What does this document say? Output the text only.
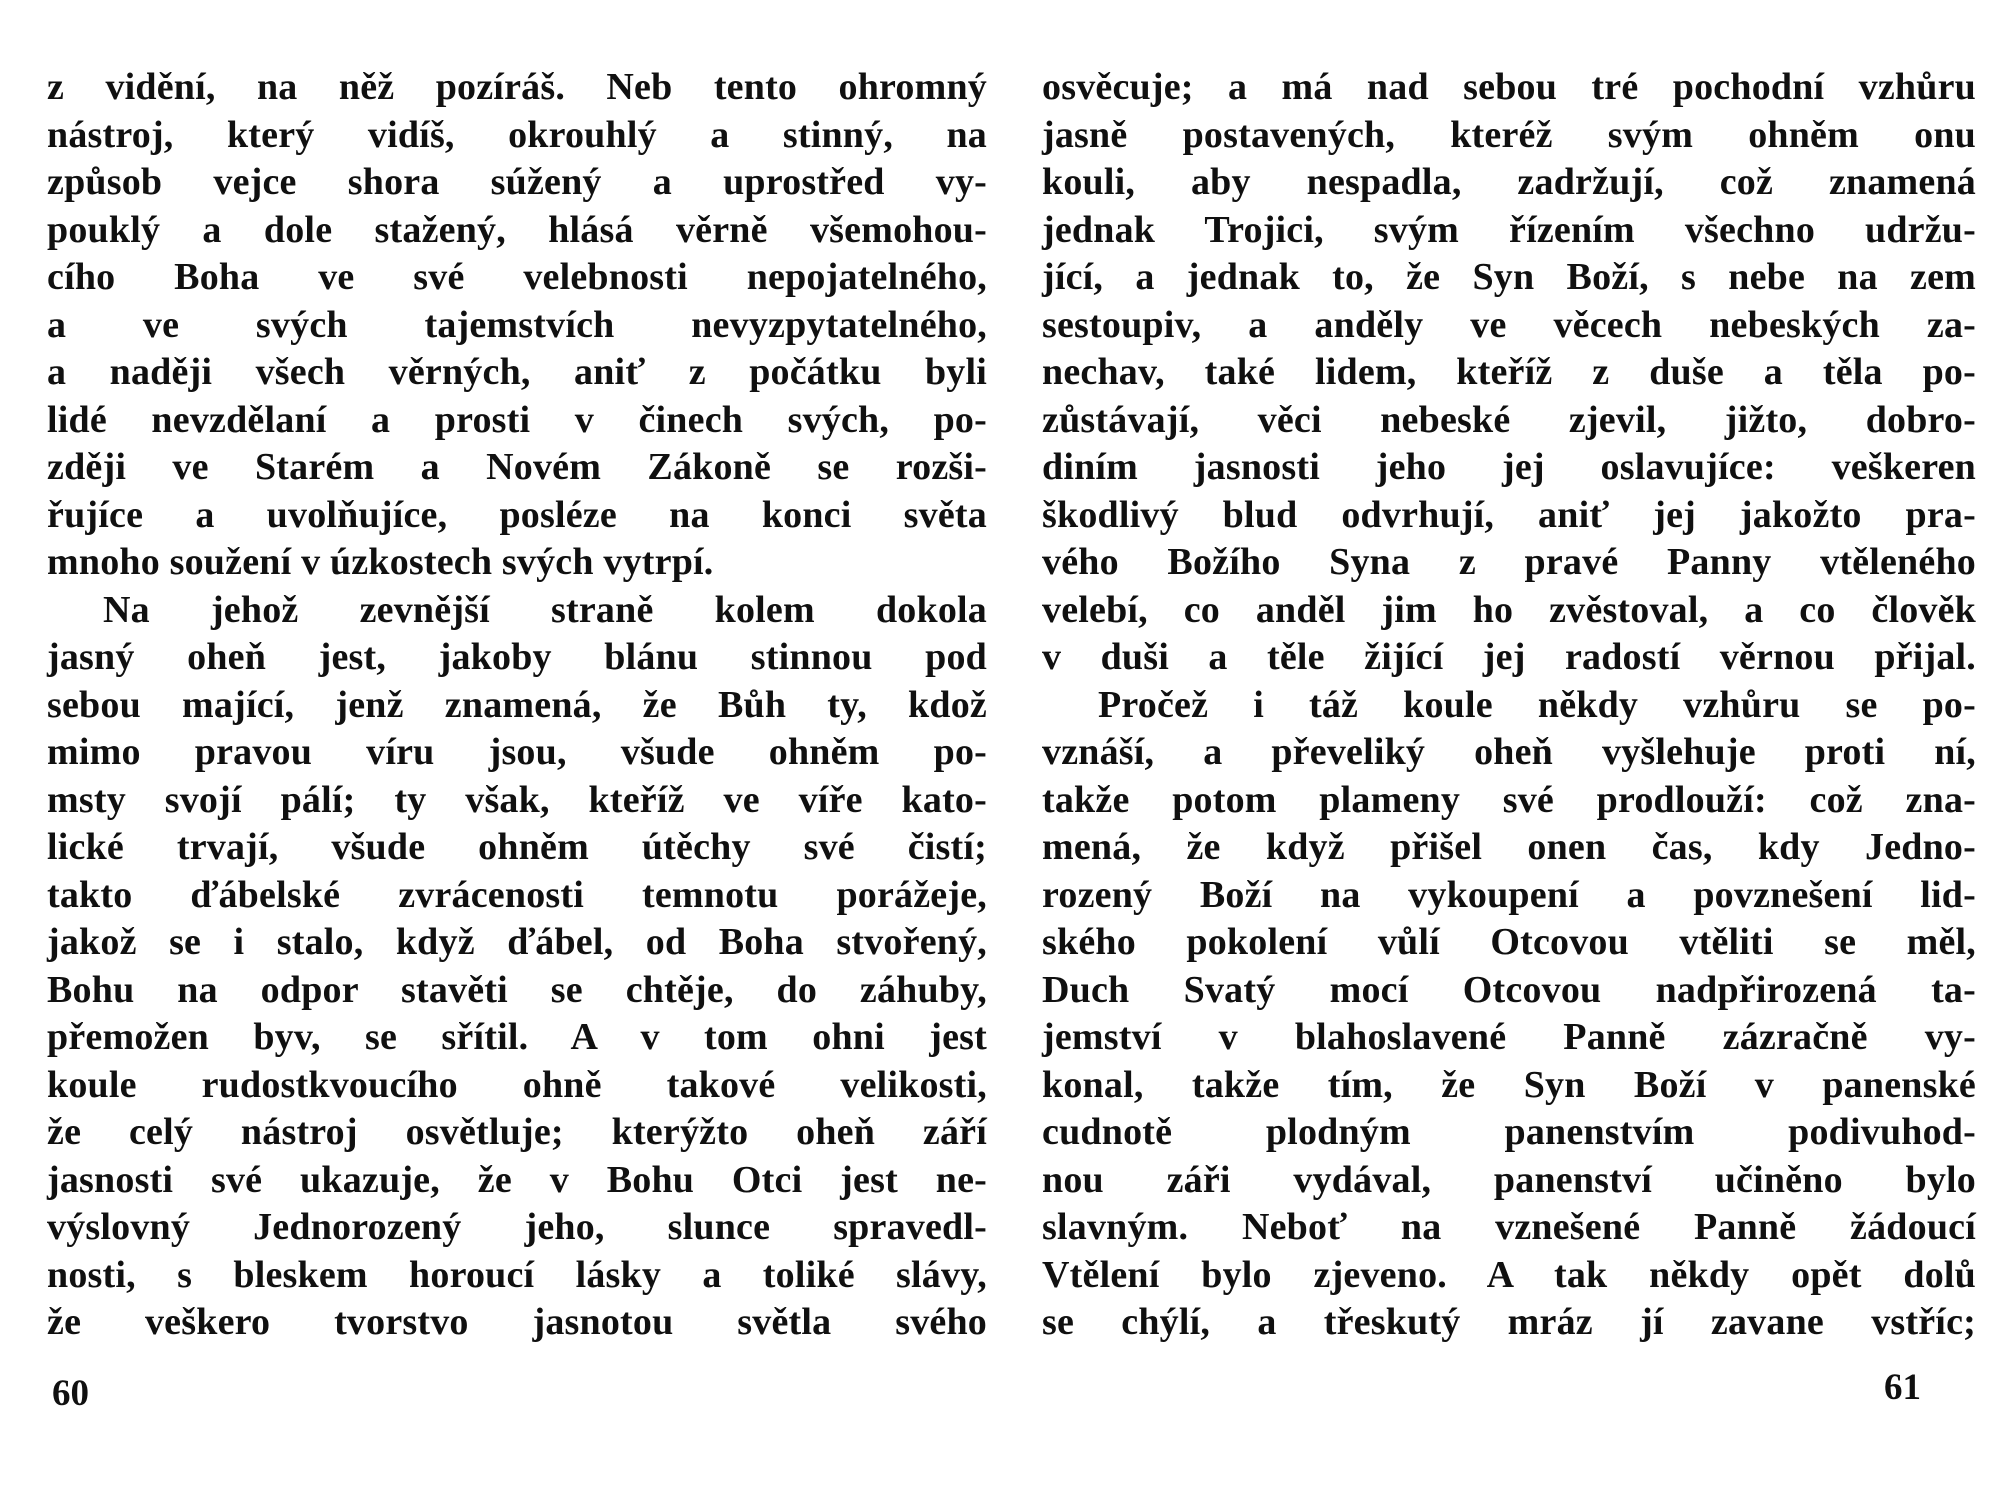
z vidění, na něž pozíráš. Neb tento ohromný
nástroj, který vidíš, okrouhlý a stinný, na
způsob vejce shora súžený a uprostřed vy-
pouklý a dole stažený, hlásá věrně všemohou-
cího Boha ve své velebnosti nepojatelného,
a ve svých tajemstvích nevyzpytatelného,
a naději všech věrných, aniť z počátku byli
lidé nevzdělaní a prosti v činech svých, po-
zději ve Starém a Novém Zákoně se rozši-
řujíce a uvolňujíce, posléze na konci světa
mnoho soužení v úzkostech svých vytrpí.
Na jehož zevnější straně kolem dokola
jasný oheň jest, jakoby blánu stinnou pod
sebou mající, jenž znamená, že Bůh ty, kdož
mimo pravou víru jsou, všude ohněm po-
msty svojí pálí; ty však, kteříž ve víře kato-
lické trvají, všude ohněm útěchy své čistí;
takto ďábelské zvrácenosti temnotu porážeje,
jakož se i stalo, když ďábel, od Boha stvořený,
Bohu na odpor stavěti se chtěje, do záhuby,
přemožen byv, se sřítil. A v tom ohni jest
koule rudostkvoucího ohně takové velikosti,
že celý nástroj osvětluje; kterýžto oheň září
jasnosti své ukazuje, že v Bohu Otci jest ne-
výslovný Jednorozený jeho, slunce spravedl-
nosti, s bleskem horoucí lásky a toliké slávy,
že veškero tvorstvo jasnotou světla svého
osvěcuje; a má nad sebou tré pochodní vzhůru
jasně postavených, kteréž svým ohněm onu
kouli, aby nespadla, zadržují, což znamená
jednak Trojici, svým řízením všechno udržu-
jící, a jednak to, že Syn Boží, s nebe na zem
sestoupiv, a anděly ve věcech nebeských za-
nechav, také lidem, kteříž z duše a těla po-
zůstávají, věci nebeské zjevil, jižto, dobro-
diním jasnosti jeho jej oslavujíce: veškeren
škodlivý blud odvrhují, aniť jej jakožto pra-
vého Božího Syna z pravé Panny vtěleného
velebí, co anděl jim ho zvěstoval, a co člověk
v duši a těle žijící jej radostí věrnou přijal.
Pročež i táž koule někdy vzhůru se po-
vznáší, a převeliký oheň vyšlehuje proti ní,
takže potom plameny své prodlouží: což zna-
mená, že když přišel onen čas, kdy Jedno-
rozený Boží na vykoupení a povznešení lid-
ského pokolení vůlí Otcovou vtěliti se měl,
Duch Svatý mocí Otcovou nadpřirozená ta-
jemství v blahoslavené Panně zázračně vy-
konal, takže tím, že Syn Boží v panenské
cudnotě plodným panenstvím podivuhod-
nou záři vydával, panenství učiněno bylo
slavným. Neboť na vznešené Panně žádoucí
Vtělení bylo zjeveno. A tak někdy opět dolů
se chýlí, a třeskutý mráz jí zavane vstříc;
60	61
